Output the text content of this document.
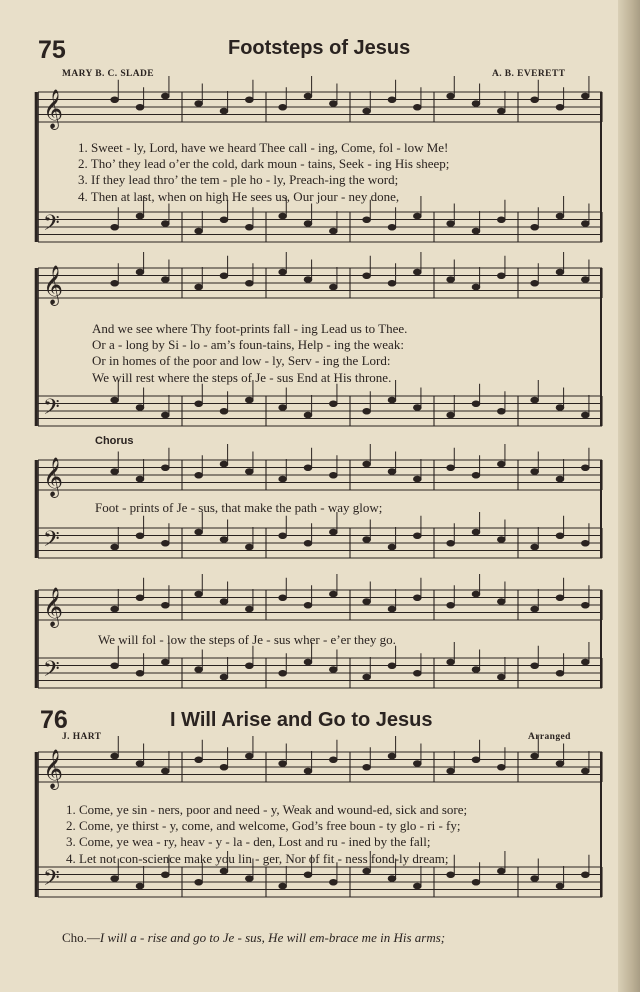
75	Footsteps of Jesus
MARY B. C. SLADE	A. B. EVERETT
𝄞
𝄢
𝄞
𝄢
𝄞
𝄢
𝄞
𝄢
𝄞
𝄢
1. Sweet - ly, Lord, have we heard Thee call - ing, Come, fol - low Me!
2. Tho’ they lead o’er the cold, dark moun - tains, Seek - ing His sheep;
3. If they lead thro’ the tem - ple ho - ly, Preach-ing the word;
4. Then at last, when on high He sees us, Our jour - ney done,
And we see where Thy foot-prints fall - ing Lead us to Thee.
Or a - long by Si - lo - am’s foun-tains, Help - ing the weak:
Or in homes of the poor and low - ly, Serv - ing the Lord:
We will rest where the steps of Je - sus End at His throne.
Chorus
Foot - prints of Je - sus, that make the path - way glow;
We will fol - low the steps of Je - sus wher - e’er they go.
76	I Will Arise and Go to Jesus
J. HART	Arranged
1. Come, ye sin - ners, poor and need - y, Weak and wound-ed, sick and sore;
2. Come, ye thirst - y, come, and welcome, God’s free boun - ty glo - ri - fy;
3. Come, ye wea - ry, heav - y - la - den, Lost and ru - ined by the fall;
4. Let not con-science make you lin - ger, Nor of fit - ness fond-ly dream;
Cho.—I will a - rise and go to Je - sus, He will em-brace me in His arms;
